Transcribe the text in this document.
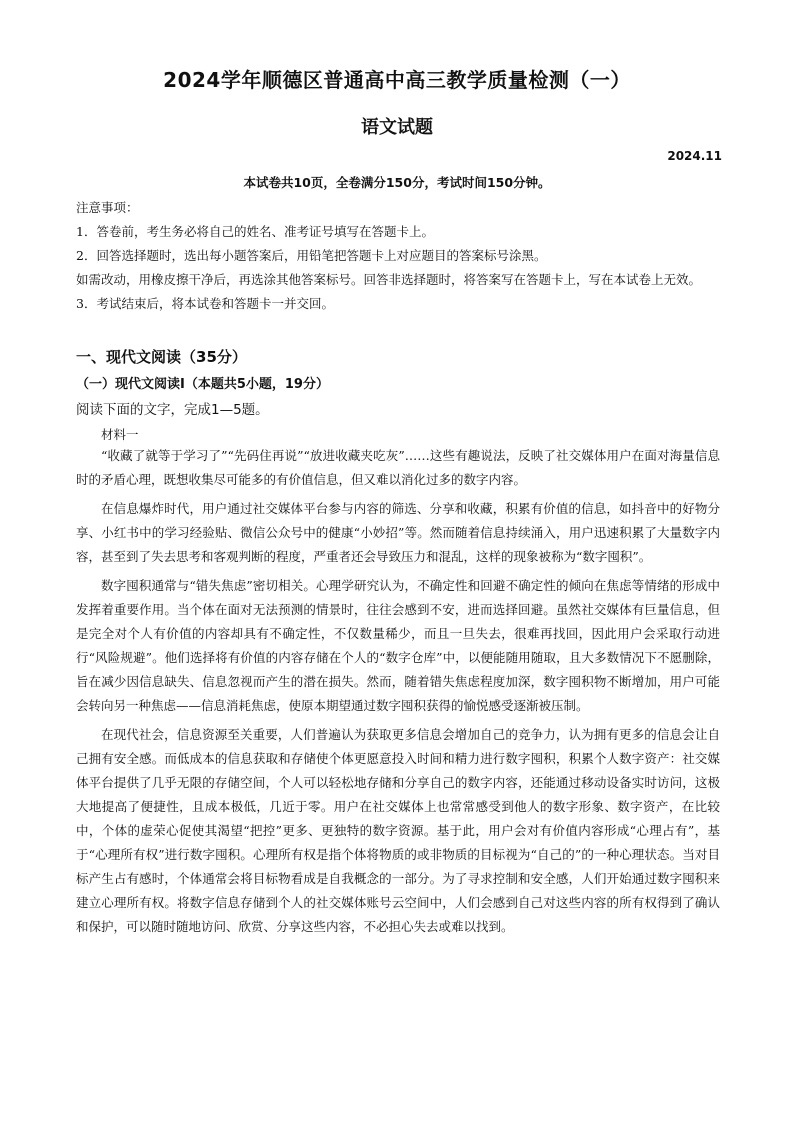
2024学年顺德区普通高中高三教学质量检测（一）
语文试题
2024.11
本试卷共10页，全卷满分150分，考试时间150分钟。

注意事项：

1．答卷前，考生务必将自己的姓名、准考证号填写在答题卡上。

2．回答选择题时，选出每小题答案后，用铅笔把答题卡上对应题目的答案标号涂黑。

如需改动，用橡皮擦干净后，再选涂其他答案标号。回答非选择题时，将答案写在答题卡上，写在本试卷上无效。

3．考试结束后，将本试卷和答题卡一并交回。

一、现代文阅读（35分）
（一）现代文阅读Ⅰ（本题共5小题，19分）
阅读下面的文字，完成1—5题。
材料一

“收藏了就等于学习了”“先码住再说”“放进收藏夹吃灰”……这些有趣说法，反映了社交媒体用户在面对海量信息时的矛盾心理，既想收集尽可能多的有价值信息，但又难以消化过多的数字内容。

在信息爆炸时代，用户通过社交媒体平台参与内容的筛选、分享和收藏，积累有价值的信息，如抖音中的好物分享、小红书中的学习经验贴、微信公众号中的健康“小妙招”等。然而随着信息持续涌入，用户迅速积累了大量数字内容，甚至到了失去思考和客观判断的程度，严重者还会导致压力和混乱，这样的现象被称为“数字囤积”。

数字囤积通常与“错失焦虑”密切相关。心理学研究认为，不确定性和回避不确定性的倾向在焦虑等情绪的形成中发挥着重要作用。当个体在面对无法预测的情景时，往往会感到不安，进而选择回避。虽然社交媒体有巨量信息，但是完全对个人有价值的内容却具有不确定性，不仅数量稀少，而且一旦失去，很难再找回，因此用户会采取行动进行“风险规避”。他们选择将有价值的内容存储在个人的“数字仓库”中，以便能随用随取，且大多数情况下不愿删除，旨在减少因信息缺失、信息忽视而产生的潜在损失。然而，随着错失焦虑程度加深，数字囤积物不断增加，用户可能会转向另一种焦虑——信息消耗焦虑，使原本期望通过数字囤积获得的愉悦感受逐渐被压制。

在现代社会，信息资源至关重要，人们普遍认为获取更多信息会增加自己的竞争力，认为拥有更多的信息会让自己拥有安全感。而低成本的信息获取和存储使个体更愿意投入时间和精力进行数字囤积，积累个人数字资产：社交媒体平台提供了几乎无限的存储空间，个人可以轻松地存储和分享自己的数字内容，还能通过移动设备实时访问，这极大地提高了便捷性，且成本极低，几近于零。用户在社交媒体上也常常感受到他人的数字形象、数字资产，在比较中，个体的虚荣心促使其渴望“把控”更多、更独特的数字资源。基于此，用户会对有价值内容形成“心理占有”，基于“心理所有权”进行数字囤积。心理所有权是指个体将物质的或非物质的目标视为“自己的”的一种心理状态。当对目标产生占有感时，个体通常会将目标物看成是自我概念的一部分。为了寻求控制和安全感，人们开始通过数字囤积来建立心理所有权。将数字信息存储到个人的社交媒体账号云空间中，人们会感到自己对这些内容的所有权得到了确认和保护，可以随时随地访问、欣赏、分享这些内容，不必担心失去或难以找到。
